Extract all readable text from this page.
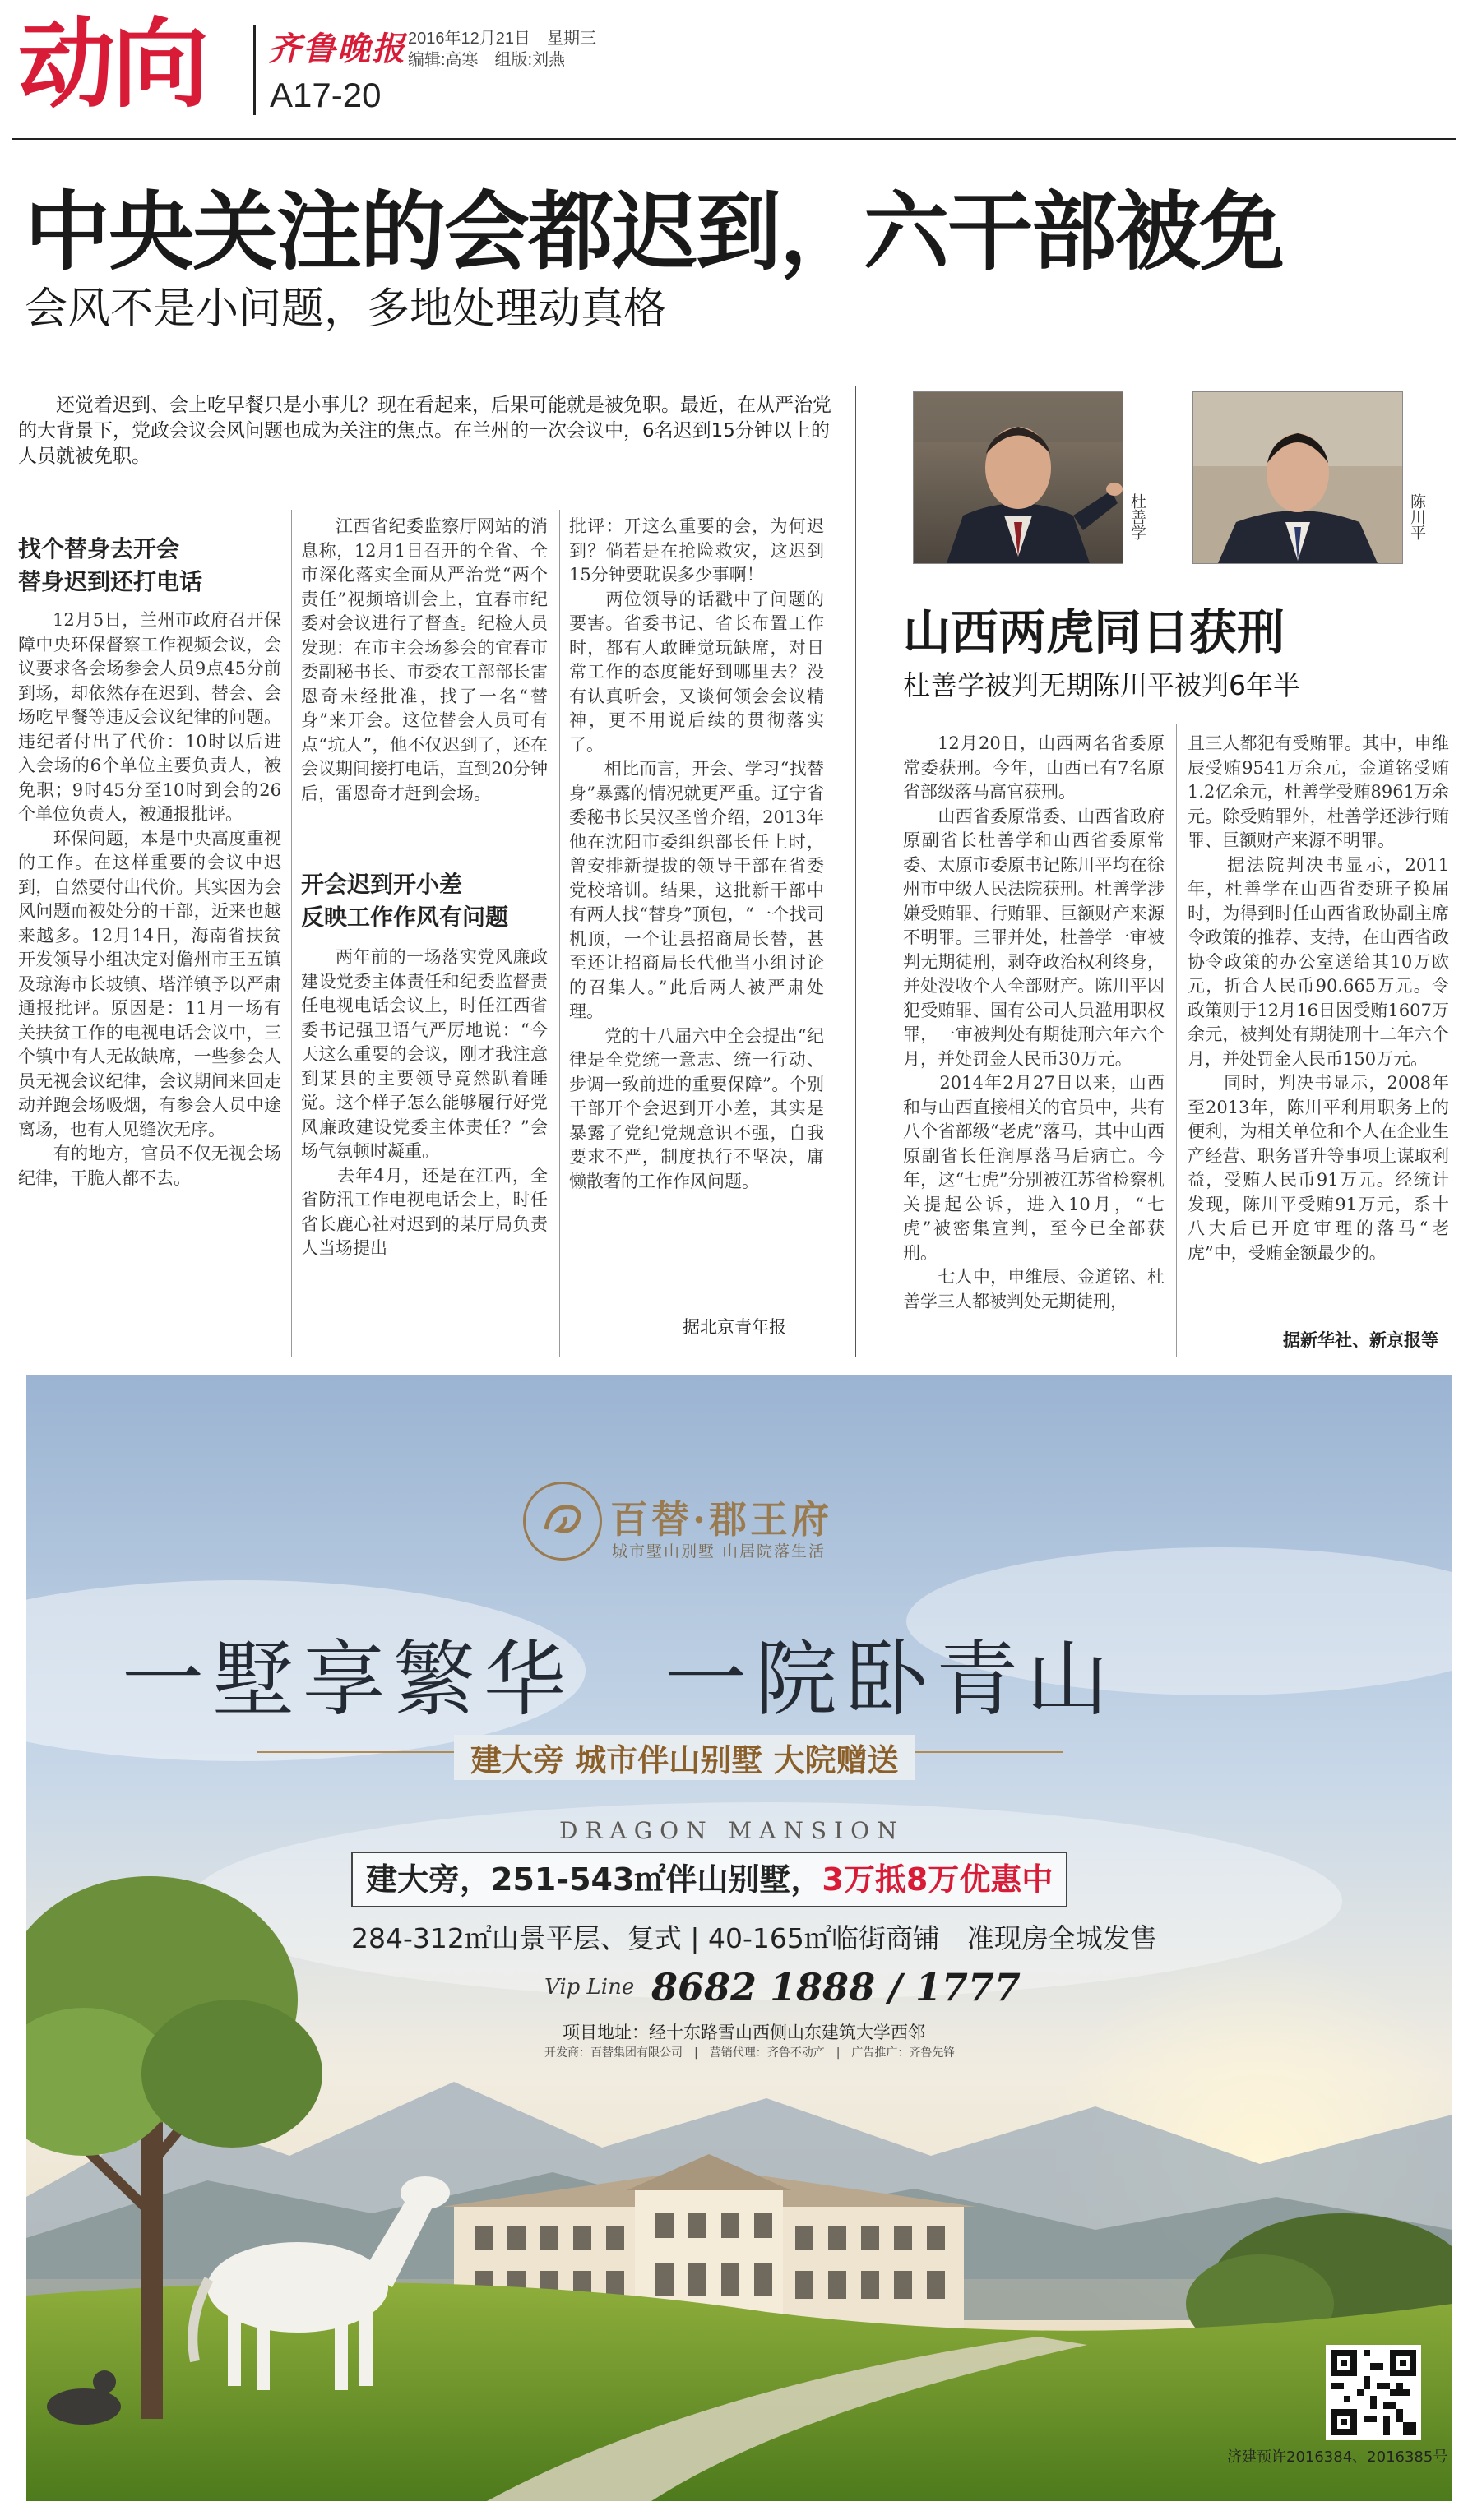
动向 齐鲁晚报
A17-20
2016年12月21日　星期三
编辑:高寒　组版:刘燕
中央关注的会都迟到，六干部被免
会风不是小问题，多地处理动真格
还觉着迟到、会上吃早餐只是小事儿？现在看起来，后果可能就是被免职。最近，在从严治党的大背景下，党政会议会风问题也成为关注的焦点。在兰州的一次会议中，6名迟到15分钟以上的人员就被免职。
找个替身去开会
替身迟到还打电话
12月5日，兰州市政府召开保障中央环保督察工作视频会议，会议要求各会场参会人员9点45分前到场，却依然存在迟到、替会、会场吃早餐等违反会议纪律的问题。违纪者付出了代价：10时以后进入会场的6个单位主要负责人，被免职；9时45分至10时到会的26个单位负责人，被通报批评。
　　环保问题，本是中央高度重视的工作。在这样重要的会议中迟到，自然要付出代价。其实因为会风问题而被处分的干部，近来也越来越多。12月14日，海南省扶贫开发领导小组决定对儋州市王五镇及琼海市长坡镇、塔洋镇予以严肃通报批评。原因是：11月一场有关扶贫工作的电视电话会议中，三个镇中有人无故缺席，一些参会人员无视会议纪律，会议期间来回走动并跑会场吸烟，有参会人员中途离场，也有人见缝次无序。
　　有的地方，官员不仅无视会场纪律，干脆人都不去。
江西省纪委监察厅网站的消息称，12月1日召开的全省、全市深化落实全面从严治党“两个责任”视频培训会上，宜春市纪委对会议进行了督查。纪检人员发现：在市主会场参会的宜春市委副秘书长、市委农工部部长雷恩奇未经批准，找了一名“替身”来开会。这位替会人员可有点“坑人”，他不仅迟到了，还在会议期间接打电话，直到20分钟后，雷恩奇才赶到会场。
开会迟到开小差
反映工作作风有问题
两年前的一场落实党风廉政建设党委主体责任和纪委监督责任电视电话会议上，时任江西省委书记强卫语气严厉地说：“今天这么重要的会议，刚才我注意到某县的主要领导竟然趴着睡觉。这个样子怎么能够履行好党风廉政建设党委主体责任？”会场气氛顿时凝重。
　　去年4月，还是在江西，全省防汛工作电视电话会上，时任省长鹿心社对迟到的某厅局负责人当场提出
批评：开这么重要的会，为何迟到？倘若是在抢险救灾，这迟到15分钟要耽误多少事啊！
　　两位领导的话戳中了问题的要害。省委书记、省长布置工作时，都有人敢睡觉玩缺席，对日常工作的态度能好到哪里去？没有认真听会，又谈何领会会议精神，更不用说后续的贯彻落实了。
　　相比而言，开会、学习“找替身”暴露的情况就更严重。辽宁省委秘书长吴汉圣曾介绍，2013年他在沈阳市委组织部长任上时，曾安排新提拔的领导干部在省委党校培训。结果，这批新干部中有两人找“替身”顶包，“一个找司机顶，一个让县招商局长替，甚至还让招商局长代他当小组讨论的召集人。”此后两人被严肃处理。
　　党的十八届六中全会提出“纪律是全党统一意志、统一行动、步调一致前进的重要保障”。个别干部开个会迟到开小差，其实是暴露了党纪党规意识不强，自我要求不严，制度执行不坚决，庸懒散奢的工作作风问题。
据北京青年报
杜善学	陈川平
山西两虎同日获刑
杜善学被判无期陈川平被判6年半
12月20日，山西两名省委原常委获刑。今年，山西已有7名原省部级落马高官获刑。
　　山西省委原常委、山西省政府原副省长杜善学和山西省委原常委、太原市委原书记陈川平均在徐州市中级人民法院获刑。杜善学涉嫌受贿罪、行贿罪、巨额财产来源不明罪。三罪并处，杜善学一审被判无期徒刑，剥夺政治权利终身，并处没收个人全部财产。陈川平因犯受贿罪、国有公司人员滥用职权罪，一审被判处有期徒刑六年六个月，并处罚金人民币30万元。
　　2014年2月27日以来，山西和与山西直接相关的官员中，共有八个省部级“老虎”落马，其中山西原副省长任润厚落马后病亡。今年，这“七虎”分别被江苏省检察机关提起公诉，进入10月，“七虎”被密集宣判，至今已全部获刑。
　　七人中，申维辰、金道铭、杜善学三人都被判处无期徒刑，
且三人都犯有受贿罪。其中，申维辰受贿9541万余元，金道铭受贿1.2亿余元，杜善学受贿8961万余元。除受贿罪外，杜善学还涉行贿罪、巨额财产来源不明罪。
　　据法院判决书显示，2011年，杜善学在山西省委班子换届时，为得到时任山西省政协副主席令政策的推荐、支持，在山西省政协令政策的办公室送给其10万欧元，折合人民币90.665万元。令政策则于12月16日因受贿1607万余元，被判处有期徒刑十二年六个月，并处罚金人民币150万元。
　　同时，判决书显示，2008年至2013年，陈川平利用职务上的便利，为相关单位和个人在企业生产经营、职务晋升等事项上谋取利益，受贿人民币91万元。经统计发现，陈川平受贿91万元，系十八大后已开庭审理的落马“老虎”中，受贿金额最少的。
据新华社、新京报等
百替·郡王府
城市墅山别墅 山居院落生活
一墅享繁华　一院卧青山
建大旁 城市伴山别墅 大院赠送
DRAGON MANSION
建大旁，251-543㎡伴山别墅，3万抵8万优惠中
284-312㎡山景平层、复式 | 40-165㎡临街商铺　准现房全城发售
Vip Line 8682 1888 / 1777
项目地址：经十东路雪山西侧山东建筑大学西邻
开发商：百替集团有限公司　|　营销代理：齐鲁不动产　|　广告推广：齐鲁先锋
济建预许2016384、2016385号
